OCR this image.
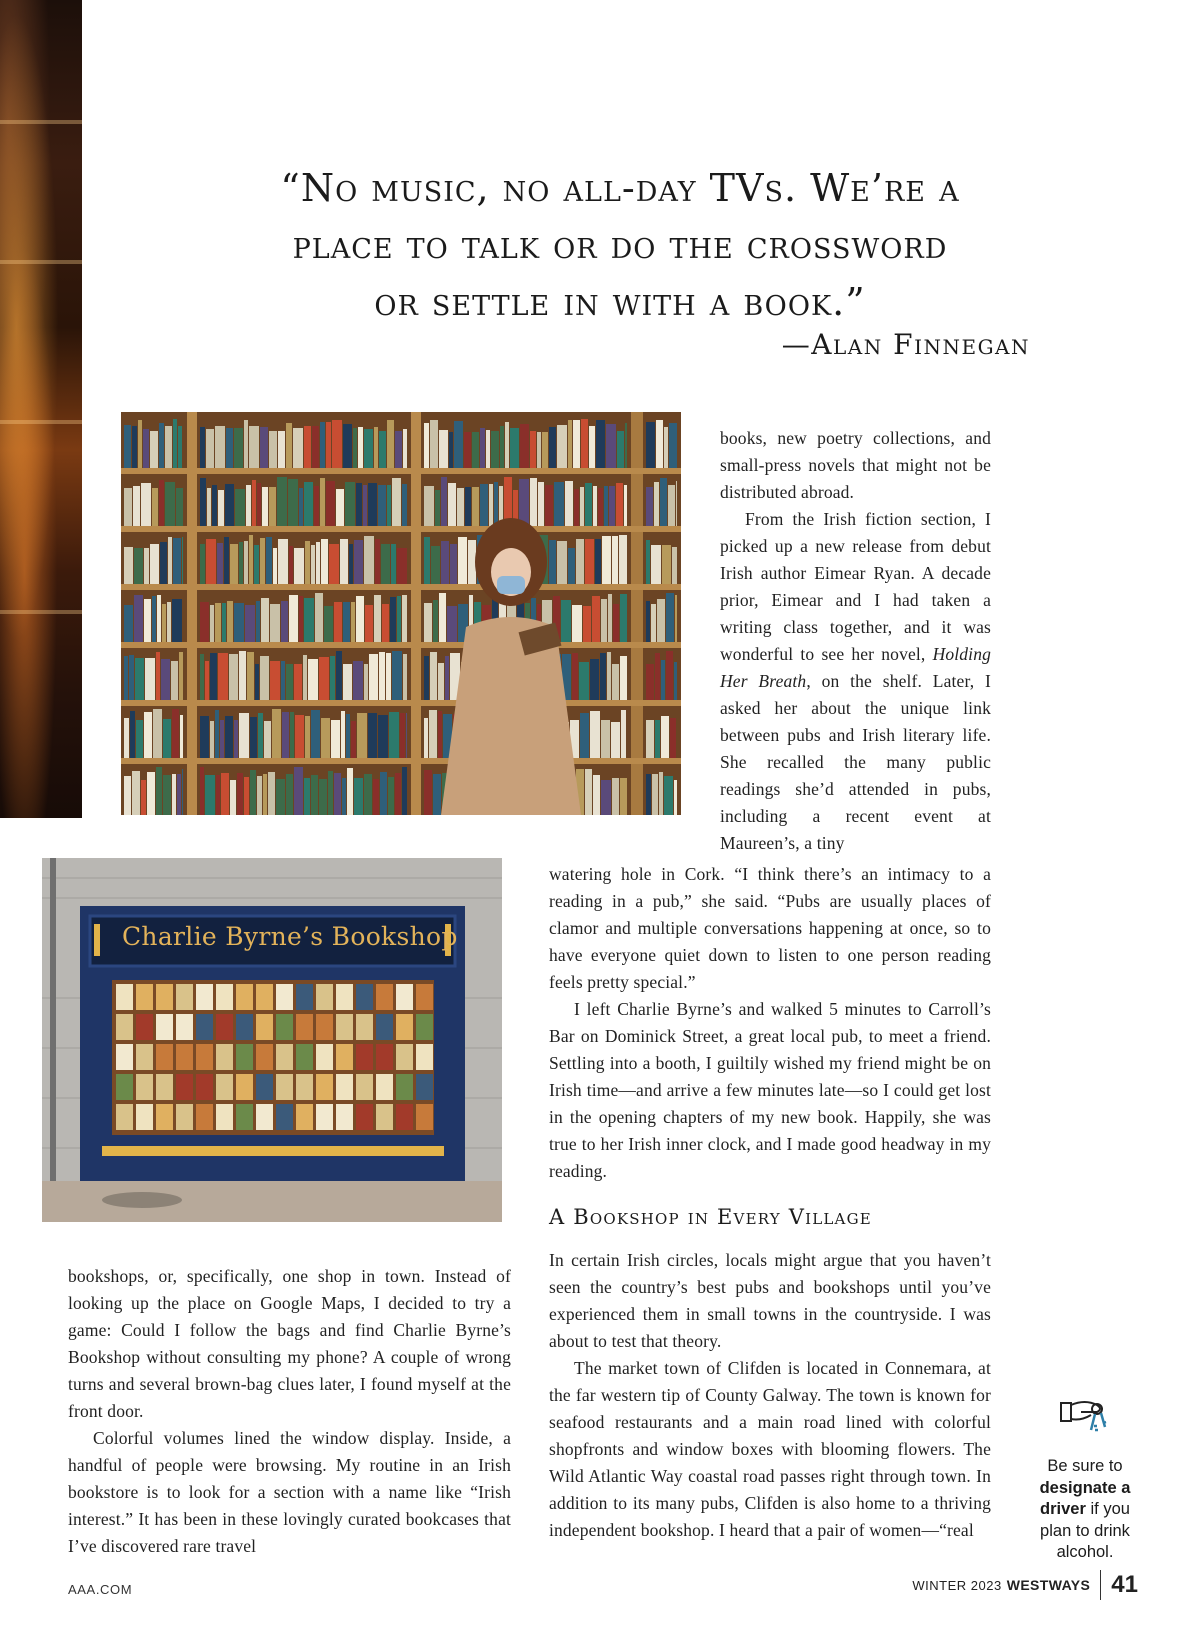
“No music, no all-day TVs. We’re a
place to talk or do the crossword
or settle in with a book.”
—Alan Finnegan
Charlie Byrne’s Bookshop

books, new poetry collections, and small-press novels that might not be distributed abroad.

From the Irish fiction section, I picked up a new release from debut Irish author Eimear Ryan. A decade prior, Eimear and I had taken a writing class together, and it was wonderful to see her novel, Holding Her Breath, on the shelf. Later, I asked her about the unique link between pubs and Irish literary life. She recalled the many public readings she’d attended in pubs, including a recent event at Maureen’s, a tiny

watering hole in Cork. “I think there’s an intimacy to a reading in a pub,” she said. “Pubs are usually places of clamor and multiple conversations happening at once, so to have everyone quiet down to listen to one person reading feels pretty special.”

I left Charlie Byrne’s and walked 5 minutes to Carroll’s Bar on Dominick Street, a great local pub, to meet a friend. Settling into a booth, I guiltily wished my friend might be on Irish time—and arrive a few minutes late—so I could get lost in the opening chapters of my new book. Happily, she was true to her Irish inner clock, and I made good headway in my reading.

A Bookshop in Every Village

In certain Irish circles, locals might argue that you haven’t seen the country’s best pubs and bookshops until you’ve experienced them in small towns in the countryside. I was about to test that theory.

The market town of Clifden is located in Connemara, at the far western tip of County Galway. The town is known for seafood restaurants and a main road lined with colorful shopfronts and window boxes with blooming flowers. The Wild Atlantic Way coastal road passes right through town. In addition to its many pubs, Clifden is also home to a thriving independent bookshop. I heard that a pair of women—“real

bookshops, or, specifically, one shop in town. Instead of looking up the place on Google Maps, I decided to try a game: Could I follow the bags and find Charlie Byrne’s Bookshop without consulting my phone? A couple of wrong turns and several brown-bag clues later, I found myself at the front door.

Colorful volumes lined the window display. Inside, a handful of people were browsing. My routine in an Irish bookstore is to look for a section with a name like “Irish interest.” It has been in these lovingly curated bookcases that I’ve discovered rare travel

Be sure to designate a driver if you plan to drink alcohol.
AAA.COM	WINTER 2023 WESTWAYS 41
